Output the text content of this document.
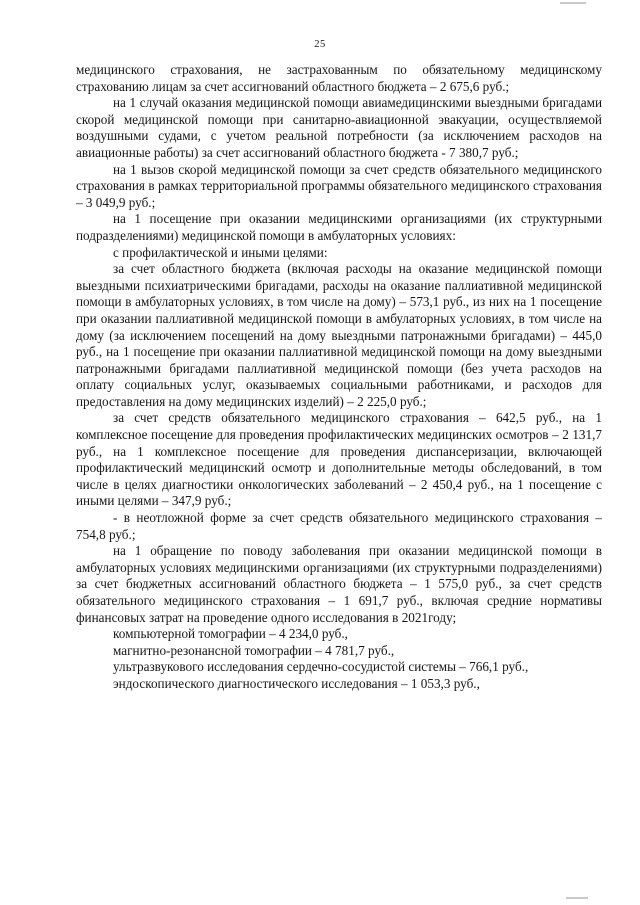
25

медицинского страхования, не застрахованным по обязательному медицинскому страхованию лицам за счет ассигнований областного бюджета – 2 675,6 руб.;

на 1 случай оказания медицинской помощи авиамедицинскими выездными бригадами скорой медицинской помощи при санитарно-авиационной эвакуации, осуществляемой воздушными судами, с учетом реальной потребности (за исключением расходов на авиационные работы) за счет ассигнований областного бюджета - 7 380,7 руб.;

на 1 вызов скорой медицинской помощи за счет средств обязательного медицинского страхования в рамках территориальной программы обязательного медицинского страхования – 3 049,9 руб.;

на 1 посещение при оказании медицинскими организациями (их структурными подразделениями) медицинской помощи в амбулаторных условиях:

с профилактической и иными целями:

за счет областного бюджета (включая расходы на оказание медицинской помощи выездными психиатрическими бригадами, расходы на оказание паллиативной медицинской помощи в амбулаторных условиях, в том числе на дому) – 573,1 руб., из них на 1 посещение при оказании паллиативной медицинской помощи в амбулаторных условиях, в том числе на дому (за исключением посещений на дому выездными патронажными бригадами) – 445,0 руб., на 1 посещение при оказании паллиативной медицинской помощи на дому выездными патронажными бригадами паллиативной медицинской помощи (без учета расходов на оплату социальных услуг, оказываемых социальными работниками, и расходов для предоставления на дому медицинских изделий) – 2 225,0 руб.;

за счет средств обязательного медицинского страхования – 642,5 руб., на 1 комплексное посещение для проведения профилактических медицинских осмотров – 2 131,7 руб., на 1 комплексное посещение для проведения диспансеризации, включающей профилактический медицинский осмотр и дополнительные методы обследований, в том числе в целях диагностики онкологических заболеваний – 2 450,4 руб., на 1 посещение с иными целями – 347,9 руб.;

- в неотложной форме за счет средств обязательного медицинского страхования – 754,8 руб.;

на 1 обращение по поводу заболевания при оказании медицинской помощи в амбулаторных условиях медицинскими организациями (их структурными подразделениями) за счет бюджетных ассигнований областного бюджета – 1 575,0 руб., за счет средств обязательного медицинского страхования – 1 691,7 руб., включая средние нормативы финансовых затрат на проведение одного исследования в 2021году;

компьютерной томографии – 4 234,0 руб.,
магнитно-резонансной томографии – 4 781,7 руб.,
ультразвукового исследования сердечно-сосудистой системы – 766,1 руб.,
эндоскопического диагностического исследования – 1 053,3 руб.,
